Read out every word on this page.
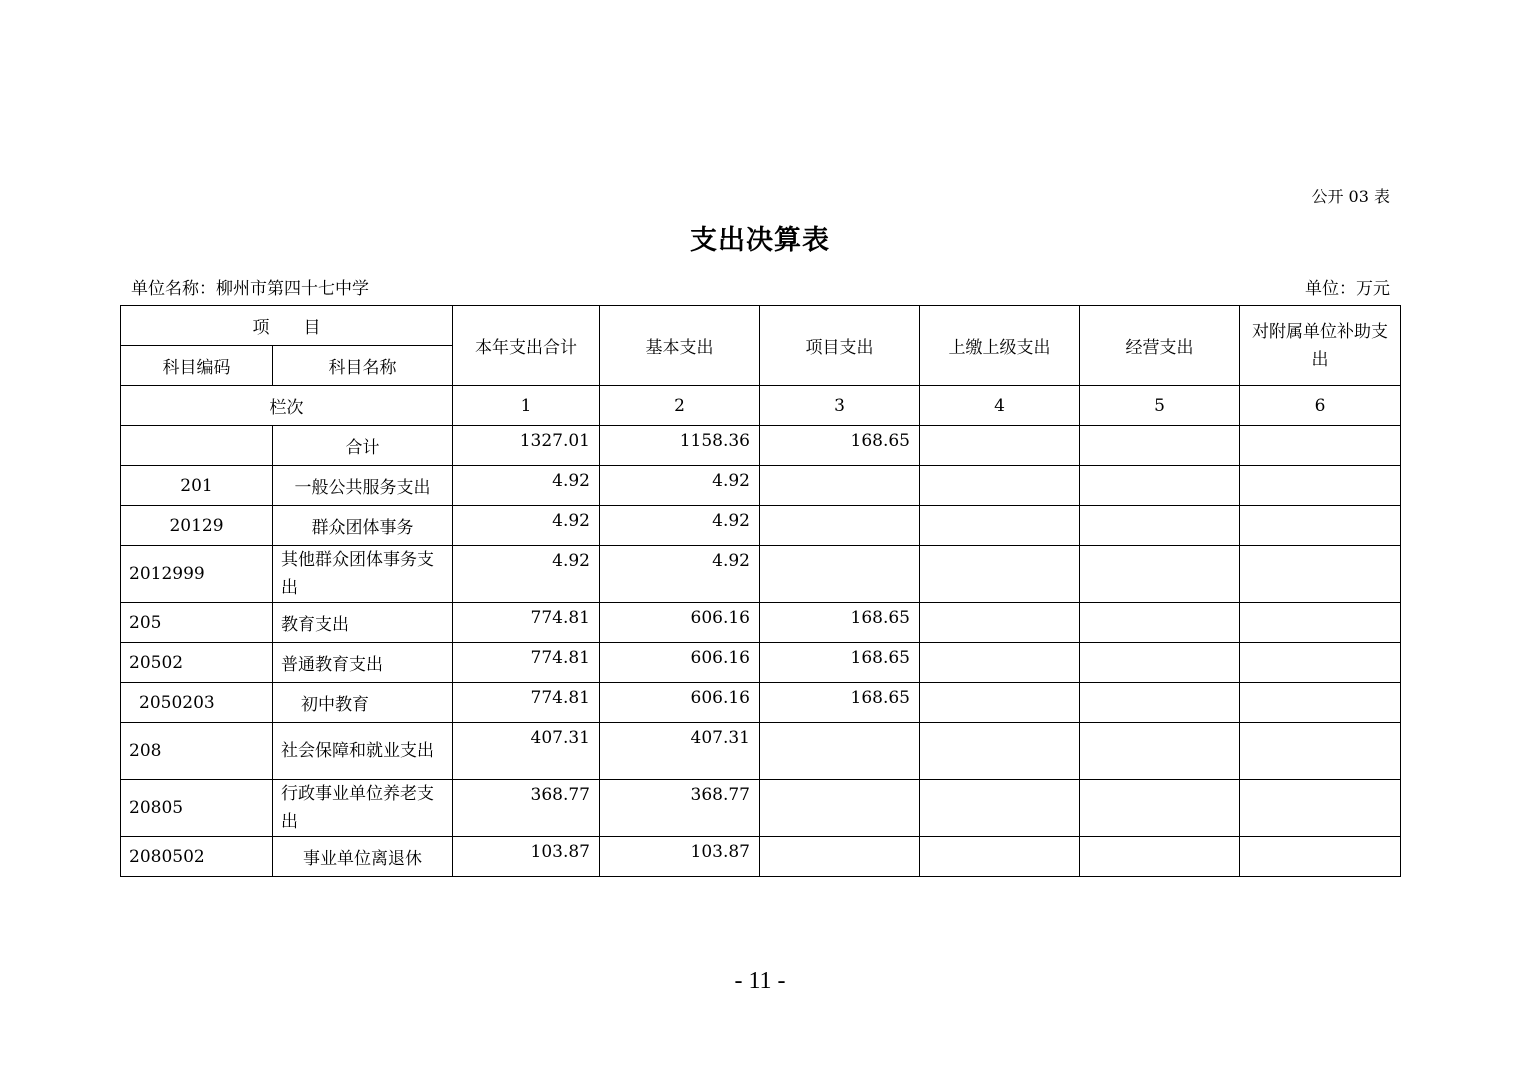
公开 03 表
支出决算表
单位名称：柳州市第四十七中学	单位：万元
项　　目		本年支出合计	基本支出	项目支出	上缴上级支出	经营支出	对附属单位补助支出
科目编码	科目名称						
栏次		1	2	3	4	5	6
	合计	1327.01	1158.36	168.65			
201	一般公共服务支出	4.92	4.92				
20129	群众团体事务	4.92	4.92				
2012999	其他群众团体事务支出	4.92	4.92				
205	教育支出	774.81	606.16	168.65			
20502	普通教育支出	774.81	606.16	168.65			
2050203	初中教育	774.81	606.16	168.65			
208	社会保障和就业支出	407.31	407.31				
20805	行政事业单位养老支出	368.77	368.77				
2080502	事业单位离退休	103.87	103.87				
- 11 -
